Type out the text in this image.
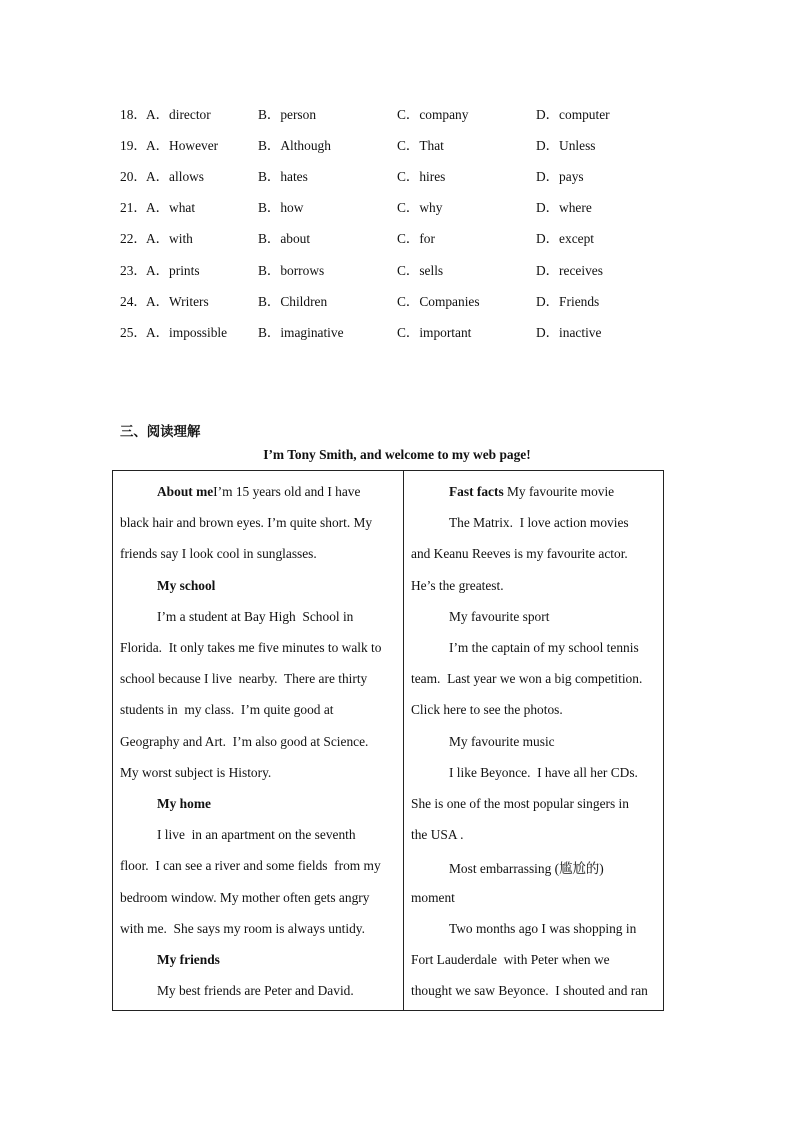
18． A．director	B．person	C．company	D．computer
19． A．However	B．Although	C．That	D．Unless
20． A．allows	B．hates	C．hires	D．pays
21． A．what	B．how	C．why	D．where
22． A．with	B．about	C．for	D．except
23． A．prints	B．borrows	C．sells	D．receives
24． A．Writers	B．Children	C．Companies	D．Friends
25． A．impossible B．imaginative	C．important	D．inactive
三、阅读理解
I’m Tony Smith, and welcome to my web page!
About meI’m 15 years old and I have
black hair and brown eyes. I’m quite short. My
friends say I look cool in sunglasses.
My school
I’m a student at Bay High  School in
Florida.  It only takes me five minutes to walk to
school because I live  nearby.  There are thirty
students in  my class.  I’m quite good at
Geography and Art.  I’m also good at Science.
My worst subject is History.
My home
I live  in an apartment on the seventh
floor.  I can see a river and some fields  from my
bedroom window. My mother often gets angry
with me.  She says my room is always untidy.
My friends
My best friends are Peter and David.
Fast facts My favourite movie
The Matrix.  I love action movies
and Keanu Reeves is my favourite actor.
He’s the greatest.
My favourite sport
I’m the captain of my school tennis
team.  Last year we won a big competition.
Click here to see the photos.
My favourite music
I like Beyonce.  I have all her CDs.
She is one of the most popular singers in
the USA .
Most embarrassing (尴尬的)
moment
Two months ago I was shopping in
Fort Lauderdale  with Peter when we
thought we saw Beyonce.  I shouted and ran
